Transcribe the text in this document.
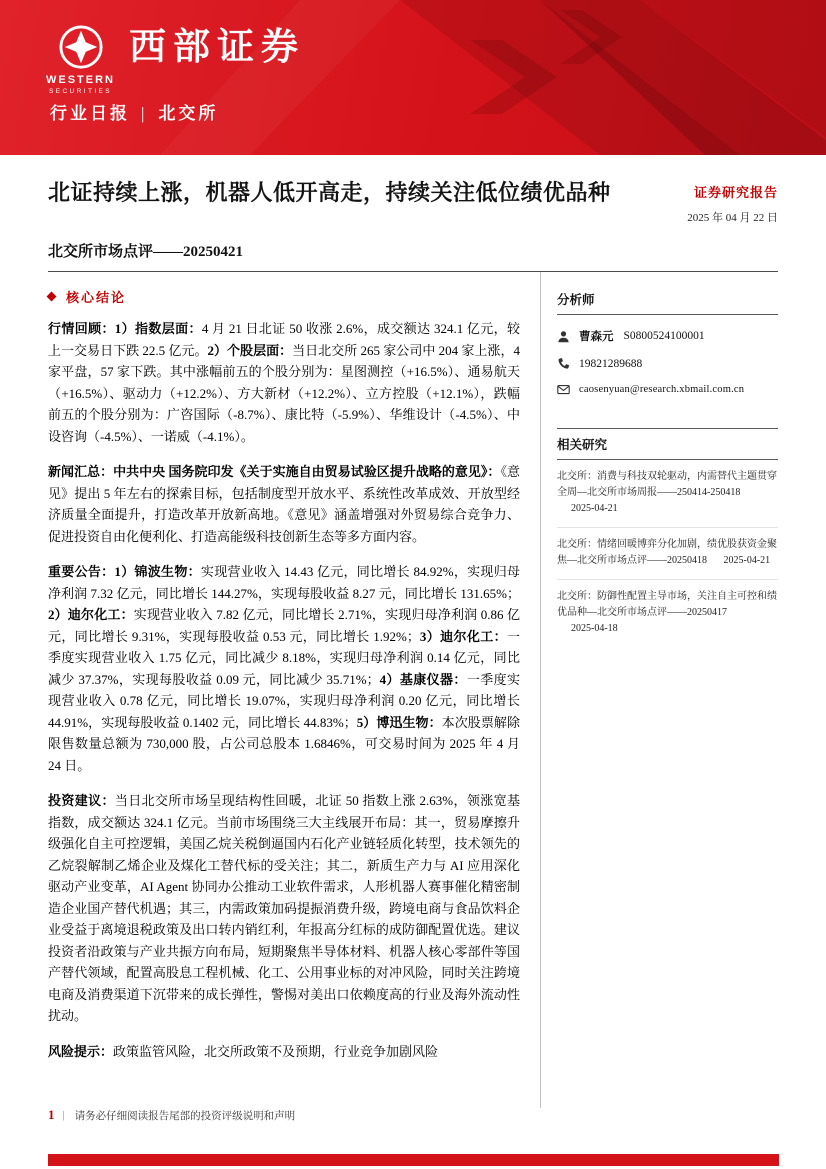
WESTERN
SECURITIES
西部证券
行业日报 | 北交所
北证持续上涨，机器人低开高走，持续关注低位绩优品种	证券研究报告
2025 年 04 月 22 日
北交所市场点评——20250421
核心结论

行情回顾：1）指数层面：4 月 21 日北证 50 收涨 2.6%，成交额达 324.1 亿元，较上一交易日下跌 22.5 亿元。2）个股层面：当日北交所 265 家公司中 204 家上涨，4 家平盘，57 家下跌。其中涨幅前五的个股分别为：星图测控（+16.5%）、通易航天（+16.5%）、驱动力（+12.2%）、方大新材（+12.2%）、立方控股（+12.1%），跌幅前五的个股分别为：广咨国际（-8.7%）、康比特（-5.9%）、华维设计（-4.5%）、中设咨询（-4.5%）、一诺威（-4.1%）。

新闻汇总：中共中央 国务院印发《关于实施自由贸易试验区提升战略的意见》：《意见》提出 5 年左右的探索目标，包括制度型开放水平、系统性改革成效、开放型经济质量全面提升，打造改革开放新高地。《意见》涵盖增强对外贸易综合竞争力、促进投资自由化便利化、打造高能级科技创新生态等多方面内容。

重要公告：1）锦波生物：实现营业收入 14.43 亿元，同比增长 84.92%，实现归母净利润 7.32 亿元，同比增长 144.27%，实现每股收益 8.27 元，同比增长 131.65%；2）迪尔化工：实现营业收入 7.82 亿元，同比增长 2.71%，实现归母净利润 0.86 亿元，同比增长 9.31%，实现每股收益 0.53 元，同比增长 1.92%；3）迪尔化工：一季度实现营业收入 1.75 亿元，同比减少 8.18%，实现归母净利润 0.14 亿元，同比减少 37.37%，实现每股收益 0.09 元，同比减少 35.71%；4）基康仪器：一季度实现营业收入 0.78 亿元，同比增长 19.07%，实现归母净利润 0.20 亿元，同比增长 44.91%，实现每股收益 0.1402 元，同比增长 44.83%；5）博迅生物：本次股票解除限售数量总额为 730,000 股，占公司总股本 1.6846%，可交易时间为 2025 年 4 月 24 日。

投资建议：当日北交所市场呈现结构性回暖，北证 50 指数上涨 2.63%，领涨宽基指数，成交额达 324.1 亿元。当前市场围绕三大主线展开布局：其一，贸易摩擦升级强化自主可控逻辑，美国乙烷关税倒逼国内石化产业链轻质化转型，技术领先的乙烷裂解制乙烯企业及煤化工替代标的受关注；其二，新质生产力与 AI 应用深化驱动产业变革，AI Agent 协同办公推动工业软件需求，人形机器人赛事催化精密制造企业国产替代机遇；其三，内需政策加码提振消费升级，跨境电商与食品饮料企业受益于离境退税政策及出口转内销红利，年报高分红标的成防御配置优选。建议投资者沿政策与产业共振方向布局，短期聚焦半导体材料、机器人核心零部件等国产替代领域，配置高股息工程机械、化工、公用事业标的对冲风险，同时关注跨境电商及消费渠道下沉带来的成长弹性，警惕对美出口依赖度高的行业及海外流动性扰动。

风险提示：政策监管风险，北交所政策不及预期，行业竞争加剧风险

分析师
曹森元 S0800524100001
19821289688
caosenyuan@research.xbmail.com.cn
相关研究
北交所：消费与科技双轮驱动，内需替代主题贯穿全周—北交所市场周报——250414-250418 2025-04-21
北交所：情绪回暖博弈分化加剧，绩优股获资金聚焦—北交所市场点评——20250418 2025-04-21
北交所：防御性配置主导市场，关注自主可控和绩优品种—北交所市场点评——20250417 2025-04-18
1 | 请务必仔细阅读报告尾部的投资评级说明和声明
